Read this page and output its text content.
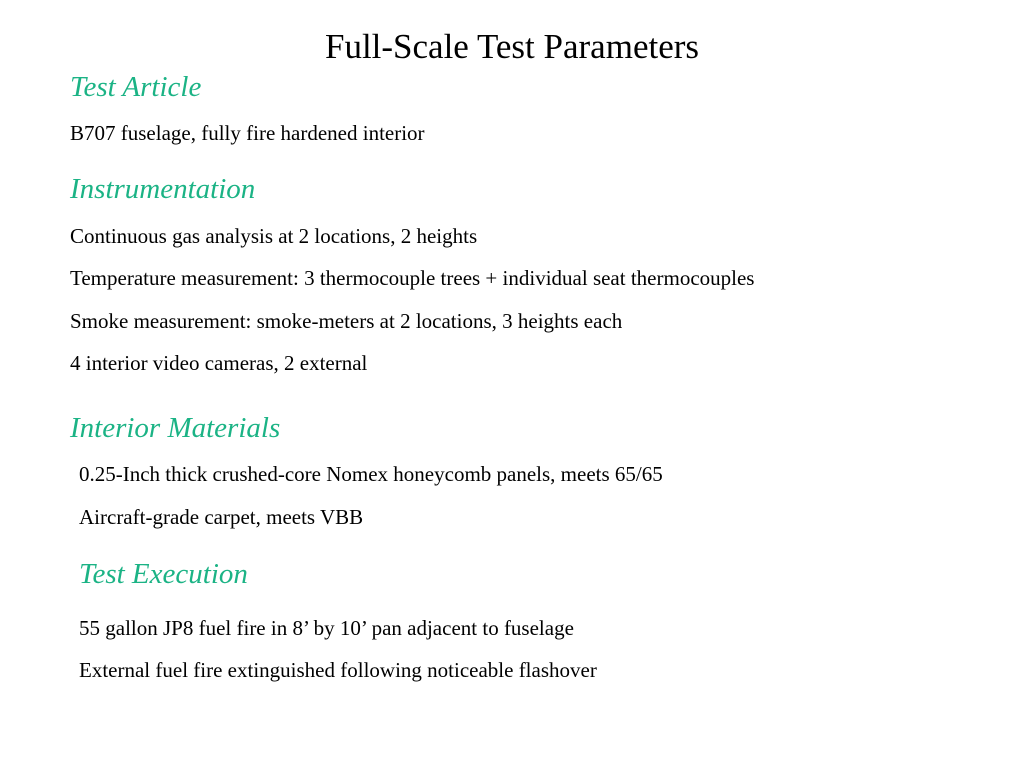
Full-Scale Test Parameters
Test Article
B707 fuselage, fully fire hardened interior
Instrumentation
Continuous gas analysis at 2 locations, 2 heights
Temperature measurement: 3 thermocouple trees + individual seat thermocouples
Smoke measurement: smoke-meters at 2 locations, 3 heights each
4 interior video cameras, 2 external
Interior Materials
0.25-Inch thick crushed-core Nomex honeycomb panels, meets 65/65
Aircraft-grade carpet, meets VBB
Test Execution
55 gallon JP8 fuel fire in 8’ by 10’ pan adjacent to fuselage
External fuel fire extinguished following noticeable flashover
